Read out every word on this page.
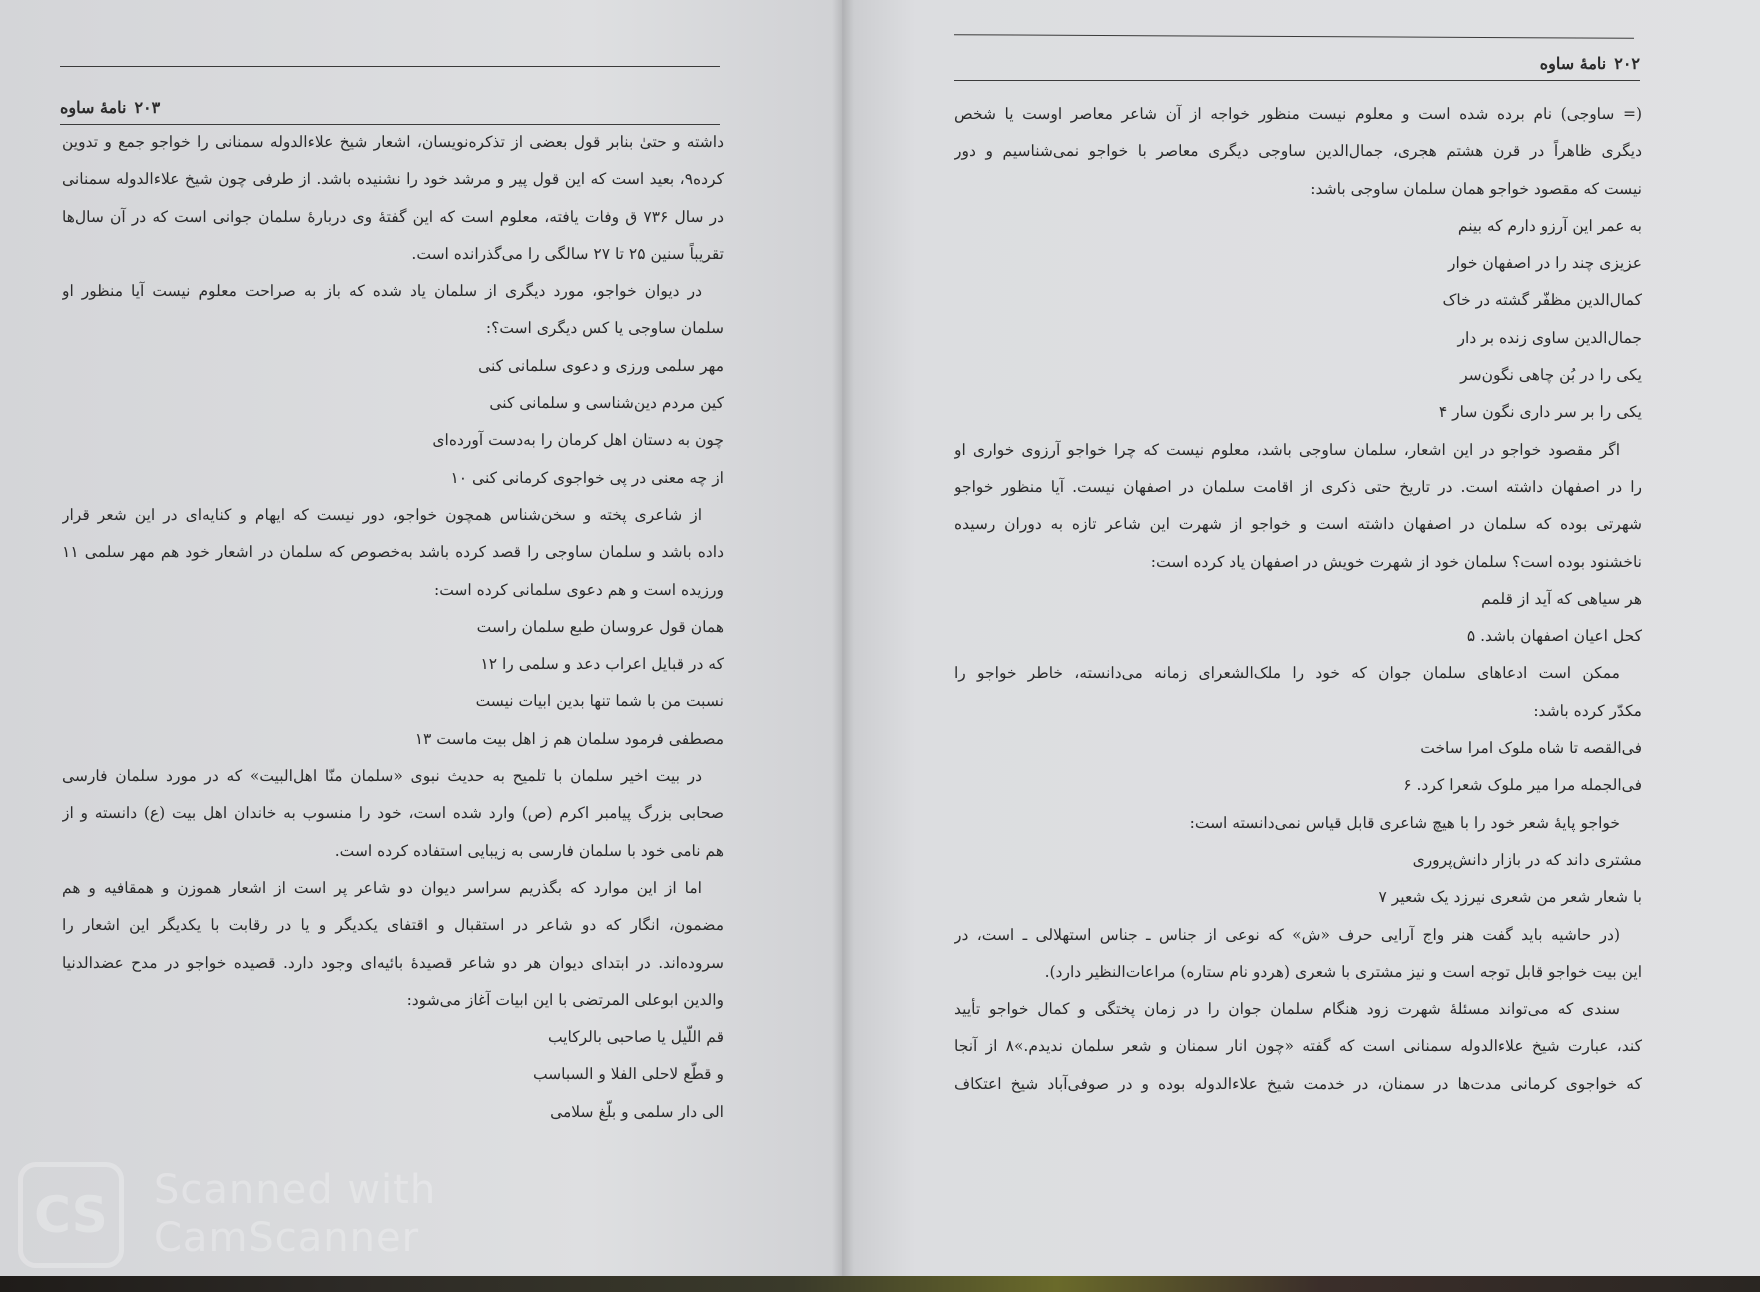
۲۰۳
نامهٔ ساوه
داشته و حتیٰ بنابر قول بعضی از تذکره‌نویسان، اشعار شیخ علاءالدوله سمنانی را خواجو جمع و تدوین
کرده۹، بعید است که این قول پیر و مرشد خود را نشنیده باشد. از طرفی چون شیخ علاءالدوله سمنانی
در سال ۷۳۶ ق وفات یافته، معلوم است که این گفتهٔ وی دربارهٔ سلمان جوانی است که در آن سال‌ها
تقریباً سنین ۲۵ تا ۲۷ سالگی را می‌گذرانده است.
در دیوان خواجو، مورد دیگری از سلمان یاد شده که باز به صراحت معلوم نیست آیا منظور او
سلمان ساوجی یا کس دیگری است؟:
مهر سلمی ورزی و دعوی سلمانی کنی
کین مردم دین‌شناسی و سلمانی کنی
چون به دستان اهل کرمان را به‌دست آورده‌ای
از چه معنی در پی خواجوی کرمانی کنی ۱۰
از شاعری پخته و سخن‌شناس همچون خواجو، دور نیست که ایهام و کنایه‌ای در این شعر قرار
داده باشد و سلمان ساوجی را قصد کرده باشد به‌خصوص که سلمان در اشعار خود هم مهر سلمی ۱۱
ورزیده است و هم دعوی سلمانی کرده است:
همان قول عروسان طبع سلمان راست
که در قبایل اعراب دعد و سلمی را ۱۲
نسبت من با شما تنها بدین ابیات نیست
مصطفی فرمود سلمان هم ز اهل بیت ماست ۱۳
در بیت اخیر سلمان با تلمیح به حدیث نبوی «سلمان منّا اهل‌البیت» که در مورد سلمان فارسی
صحابی بزرگ پیامبر اکرم (ص) وارد شده است، خود را منسوب به خاندان اهل بیت (ع) دانسته و از
هم نامی خود با سلمان فارسی به زیبایی استفاده کرده است.
اما از این موارد که بگذریم سراسر دیوان دو شاعر پر است از اشعار هموزن و همقافیه و هم
مضمون، انگار که دو شاعر در استقبال و اقتفای یکدیگر و یا در رقابت با یکدیگر این اشعار را
سروده‌اند. در ابتدای دیوان هر دو شاعر قصیدهٔ بائیه‌ای وجود دارد. قصیده خواجو در مدح عضدالدنیا
والدین ابوعلی المرتضی با این ابیات آغاز می‌شود:
قم اللّیل یا صاحبی بالرکایب
و قطّع لاحلی الفلا و السباسب
الی دار سلمی و بلّغ سلامی
۲۰۲
نامهٔ ساوه
(= ساوجی) نام برده شده است و معلوم نیست منظور خواجه از آن شاعر معاصر اوست یا شخص
دیگری ظاهراً در قرن هشتم هجری، جمال‌الدین ساوجی دیگری معاصر با خواجو نمی‌شناسیم و دور
نیست که مقصود خواجو همان سلمان ساوجی باشد:
به عمر این آرزو دارم که بینم
عزیزی چند را در اصفهان خوار
کمال‌الدین مظفّر گشته در خاک
جمال‌الدین ساوی زنده بر دار
یکی را در بُن چاهی نگون‌سر
یکی را بر سر داری نگون سار ۴
اگر مقصود خواجو در این اشعار، سلمان ساوجی باشد، معلوم نیست که چرا خواجو آرزوی خواری او
را در اصفهان داشته است. در تاریخ حتی ذکری از اقامت سلمان در اصفهان نیست. آیا منظور خواجو
شهرتی بوده که سلمان در اصفهان داشته است و خواجو از شهرت این شاعر تازه به دوران رسیده
ناخشنود بوده است؟ سلمان خود از شهرت خویش در اصفهان یاد کرده است:
هر سیاهی که آید از قلمم
کحل اعیان اصفهان باشد. ۵
ممکن است ادعاهای سلمان جوان که خود را ملک‌الشعرای زمانه می‌دانسته، خاطر خواجو را
مکدّر کرده باشد:
فی‌القصه تا شاه ملوک امرا ساخت
فی‌الجمله مرا میر ملوک شعرا کرد. ۶
خواجو پایهٔ شعر خود را با هیچ شاعری قابل قیاس نمی‌دانسته است:
مشتری داند که در بازار دانش‌پروری
با شعار شعر من شعری نیرزد یک شعیر ۷
(در حاشیه باید گفت هنر واج آرایی حرف «ش» که نوعی از جناس ـ جناس استهلالی ـ است، در
این بیت خواجو قابل توجه است و نیز مشتری با شعری (هردو نام ستاره) مراعات‌النظیر دارد).
سندی که می‌تواند مسئلهٔ شهرت زود هنگام سلمان جوان را در زمان پختگی و کمال خواجو تأیید
کند، عبارت شیخ علاءالدوله سمنانی است که گفته «چون انار سمنان و شعر سلمان ندیدم.»۸ از آنجا
که خواجوی کرمانی مدت‌ها در سمنان، در خدمت شیخ علاءالدوله بوده و در صوفی‌آباد شیخ اعتکاف
CS	Scanned with
CamScanner
